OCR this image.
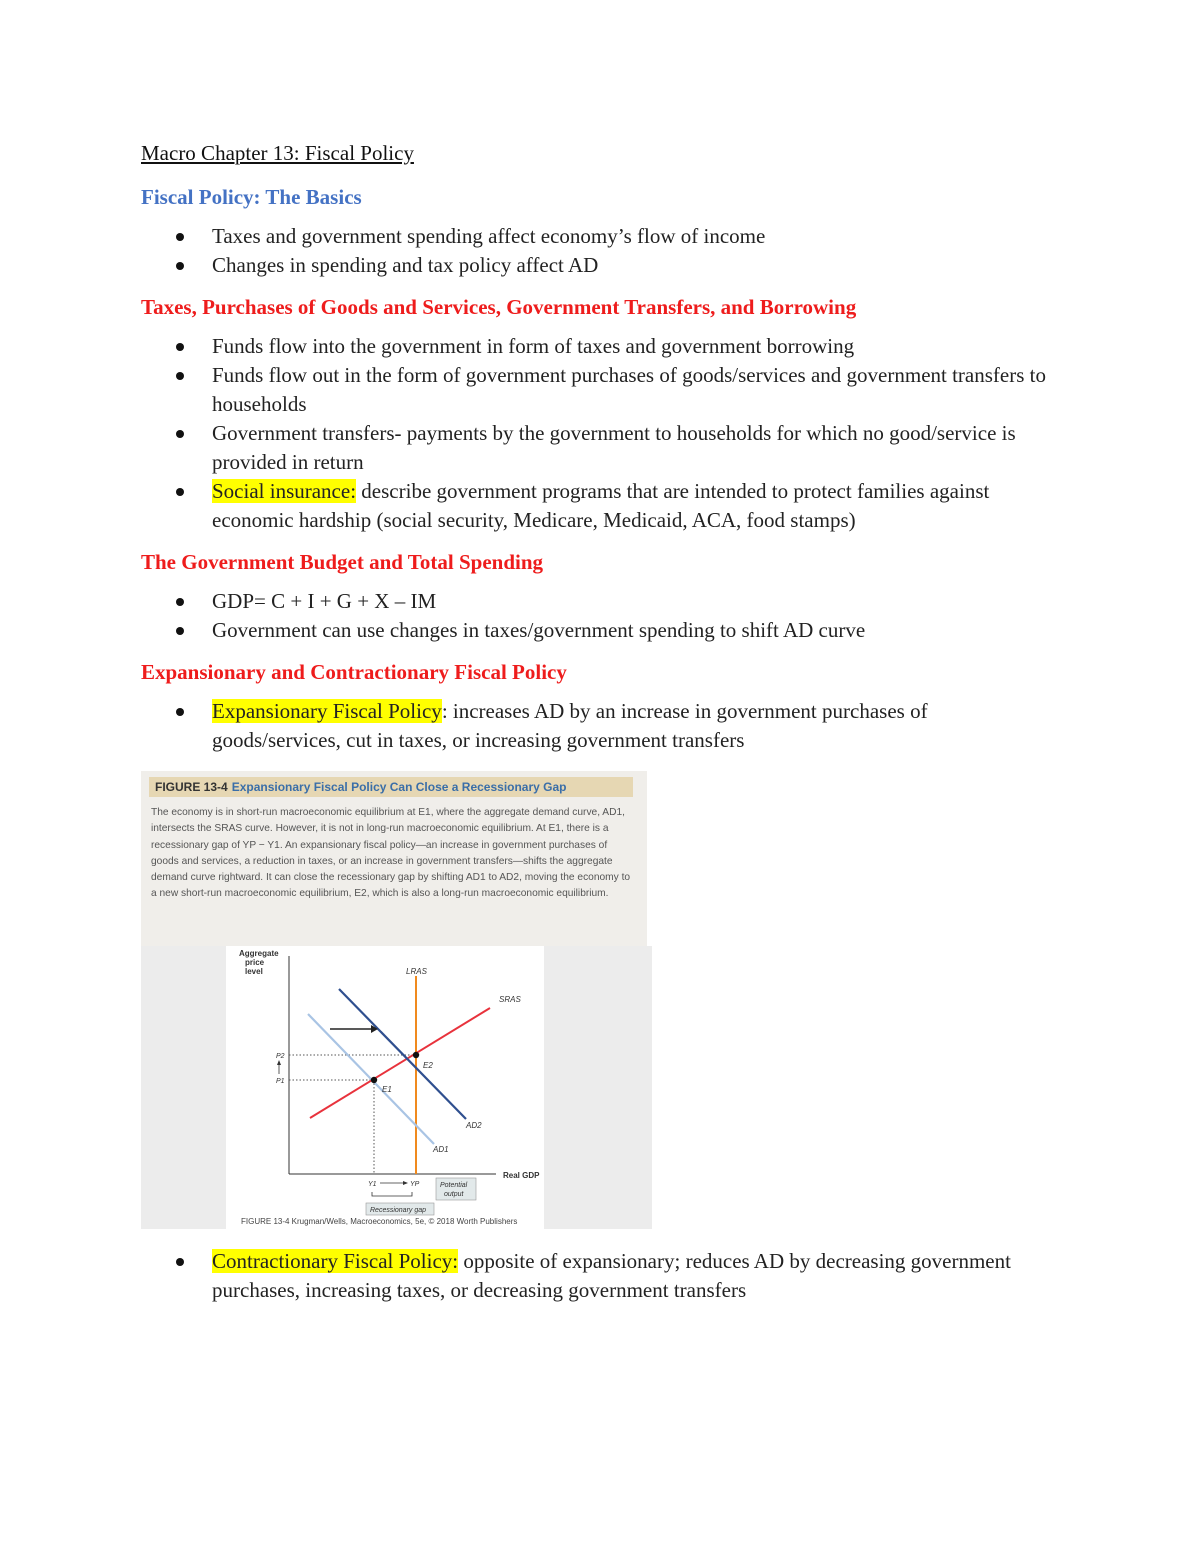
Macro Chapter 13: Fiscal Policy
Fiscal Policy: The Basics
Taxes and government spending affect economy’s flow of income
Changes in spending and tax policy affect AD
Taxes, Purchases of Goods and Services, Government Transfers, and Borrowing
Funds flow into the government in form of taxes and government borrowing
Funds flow out in the form of government purchases of goods/services and government transfers to households
Government transfers- payments by the government to households for which no good/service is provided in return
Social insurance: describe government programs that are intended to protect families against economic hardship (social security, Medicare, Medicaid, ACA, food stamps)
The Government Budget and Total Spending
GDP= C + I + G + X – IM
Government can use changes in taxes/government spending to shift AD curve
Expansionary and Contractionary Fiscal Policy
Expansionary Fiscal Policy: increases AD by an increase in government purchases of goods/services, cut in taxes, or increasing government transfers
FIGURE 13-4 Expansionary Fiscal Policy Can Close a Recessionary Gap
The economy is in short-run macroeconomic equilibrium at E1, where the aggregate demand curve, AD1, intersects the SRAS curve. However, it is not in long-run macroeconomic equilibrium. At E1, there is a recessionary gap of YP − Y1. An expansionary fiscal policy—an increase in government purchases of goods and services, a reduction in taxes, or an increase in government transfers—shifts the aggregate demand curve rightward. It can close the recessionary gap by shifting AD1 to AD2, moving the economy to a new short-run macroeconomic equilibrium, E2, which is also a long-run macroeconomic equilibrium.
Aggregate price level
Real GDP
LRAS
SRAS
AD1
AD2
E1
E2
P2
P1
Y1	YP	Potential output
Recessionary gap
FIGURE 13-4 Krugman/Wells, Macroeconomics, 5e, © 2018 Worth Publishers
Contractionary Fiscal Policy: opposite of expansionary; reduces AD by decreasing government purchases, increasing taxes, or decreasing government transfers
